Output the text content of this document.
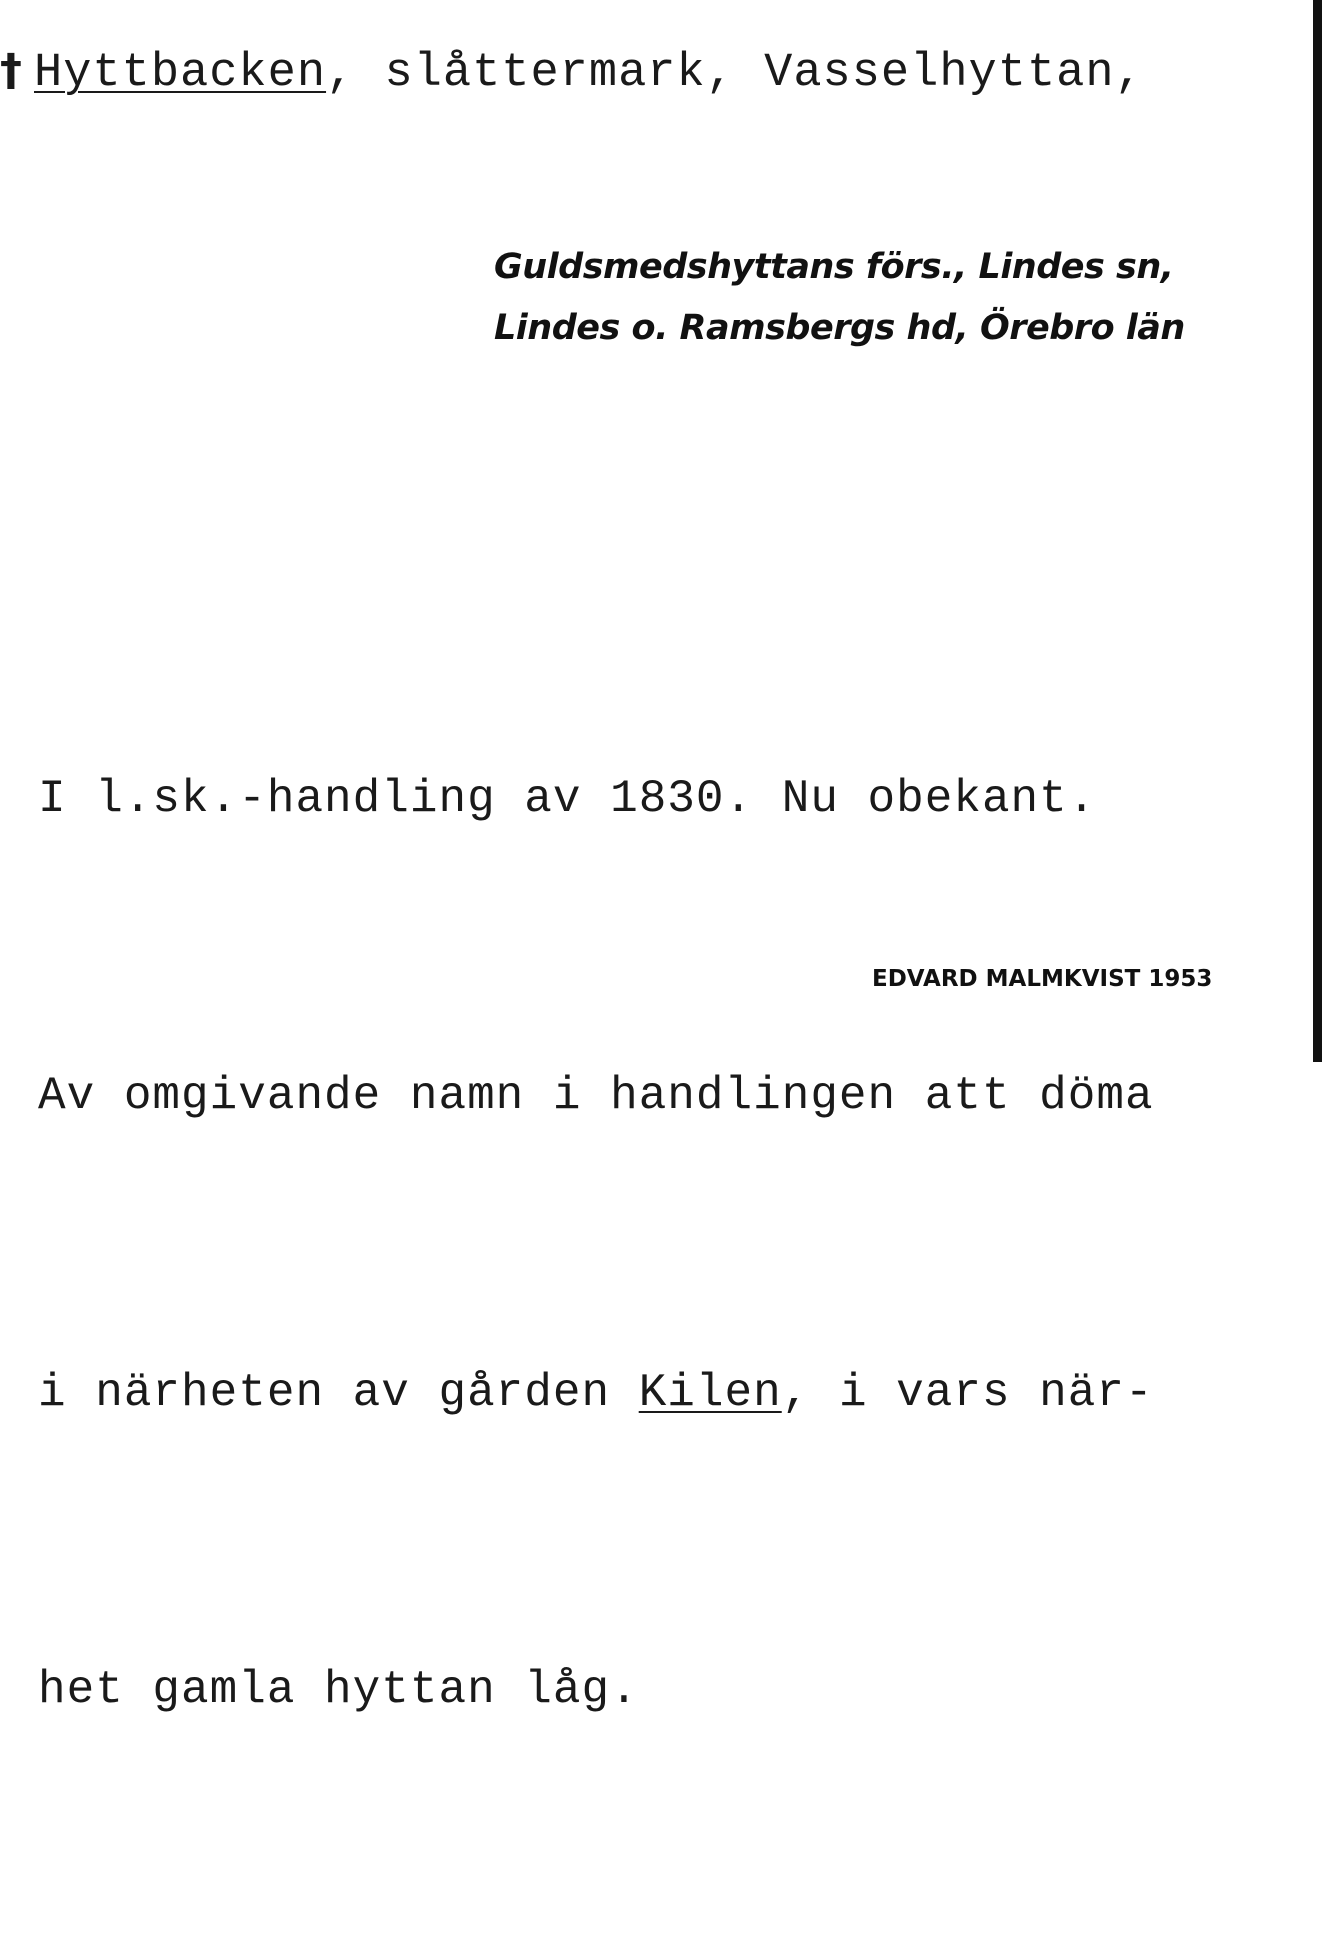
† Hyttbacken, slåttermark, Vasselhyttan,
Guldsmedshyttans förs., Lindes sn,
Lindes o. Ramsbergs hd, Örebro län

I l.sk.-handling av 1830. Nu obekant.

Av omgivande namn i handlingen att döma

i närheten av gården Kilen, i vars när-

het gamla hyttan låg.

EDVARD MALMKVIST 1953
